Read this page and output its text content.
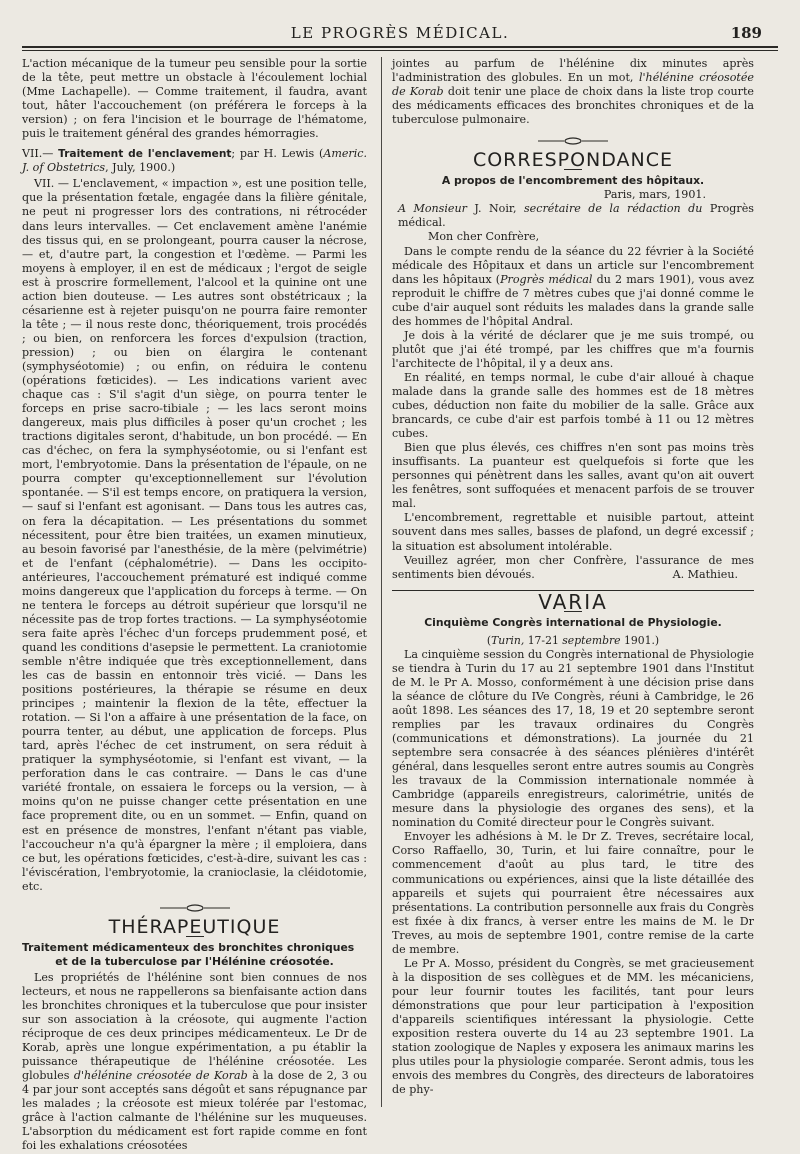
LE PROGRÈS MÉDICAL.	189

L'action mécanique de la tumeur peu sensible pour la sortie de la tête, peut mettre un obstacle à l'écoulement lochial (Mme Lachapelle). — Comme traitement, il faudra, avant tout, hâter l'accouchement (on préférera le forceps à la version) ; on fera l'incision et le bourrage de l'hématome, puis le traitement général des grandes hémorragies.

VII.— Traitement de l'enclavement; par H. Lewis (Americ. J. of Obstetrics, July, 1900.)

VII. — L'enclavement, « impaction », est une position telle, que la présentation fœtale, engagée dans la filière génitale, ne peut ni progresser lors des contrations, ni rétrocéder dans leurs intervalles. — Cet enclavement amène l'anémie des tissus qui, en se prolongeant, pourra causer la nécrose, — et, d'autre part, la congestion et l'œdème. — Parmi les moyens à employer, il en est de médicaux ; l'ergot de seigle est à proscrire formellement, l'alcool et la quinine ont une action bien douteuse. — Les autres sont obstétricaux ; la césarienne est à rejeter puisqu'on ne pourra faire remonter la tête ; — il nous reste donc, théoriquement, trois procédés ; ou bien, on renforcera les forces d'expulsion (traction, pression) ; ou bien on élargira le contenant (symphyséotomie) ; ou enfin, on réduira le contenu (opérations fœticides). — Les indications varient avec chaque cas : S'il s'agit d'un siège, on pourra tenter le forceps en prise sacro-tibiale ; — les lacs seront moins dangereux, mais plus difficiles à poser qu'un crochet ; les tractions digitales seront, d'habitude, un bon procédé. — En cas d'échec, on fera la symphyséotomie, ou si l'enfant est mort, l'embryotomie. Dans la présentation de l'épaule, on ne pourra compter qu'exceptionnellement sur l'évolution spontanée. — S'il est temps encore, on pratiquera la version, — sauf si l'enfant est agonisant. — Dans tous les autres cas, on fera la décapitation. — Les présentations du sommet nécessitent, pour être bien traitées, un examen minutieux, au besoin favorisé par l'anesthésie, de la mère (pelvimétrie) et de l'enfant (céphalométrie). — Dans les occipito-antérieures, l'accouchement prématuré est indiqué comme moins dangereux que l'application du forceps à terme. — On ne tentera le forceps au détroit supérieur que lorsqu'il ne nécessite pas de trop fortes tractions. — La symphyséotomie sera faite après l'échec d'un forceps prudemment posé, et quand les conditions d'asepsie le permettent. La craniotomie semble n'être indiquée que très exceptionnellement, dans les cas de bassin en entonnoir très vicié. — Dans les positions postérieures, la thérapie se résume en deux principes ; maintenir la flexion de la tête, effectuer la rotation. — Si l'on a affaire à une présentation de la face, on pourra tenter, au début, une application de forceps. Plus tard, après l'échec de cet instrument, on sera réduit à pratiquer la symphyséotomie, si l'enfant est vivant, — la perforation dans le cas contraire. — Dans le cas d'une variété frontale, on essaiera le forceps ou la version, — à moins qu'on ne puisse changer cette présentation en une face proprement dite, ou en un sommet. — Enfin, quand on est en présence de monstres, l'enfant n'étant pas viable, l'accoucheur n'a qu'à épargner la mère ; il emploiera, dans ce but, les opérations fœticides, c'est-à-dire, suivant les cas : l'éviscération, l'embryotomie, la cranioclasie, la cléidotomie, etc.

THÉRAPEUTIQUE
Traitement médicamenteux des bronchites chroniques
et de la tuberculose par l'Hélénine créosotée.

Les propriétés de l'hélénine sont bien connues de nos lecteurs, et nous ne rappellerons sa bienfaisante action dans les bronchites chroniques et la tuberculose que pour insister sur son association à la créosote, qui augmente l'action réciproque de ces deux principes médicamenteux. Le Dr de Korab, après une longue expérimentation, a pu établir la puissance thérapeutique de l'hélénine créosotée. Les globules d'hélénine créosotée de Korab à la dose de 2, 3 ou 4 par jour sont acceptés sans dégoût et sans répugnance par les malades ; la créosote est mieux tolérée par l'estomac, grâce à l'action calmante de l'hélénine sur les muqueuses. L'absorption du médicament est fort rapide comme en font foi les exhalations créosotées

jointes au parfum de l'hélénine dix minutes après l'administration des globules. En un mot, l'hélénine créosotée de Korab doit tenir une place de choix dans la liste trop courte des médicaments efficaces des bronchites chroniques et de la tuberculose pulmonaire.

CORRESPONDANCE

A propos de l'encombrement des hôpitaux.

Paris, mars, 1901.

A Monsieur J. Noir, secrétaire de la rédaction du Progrès médical.

Mon cher Confrère,

Dans le compte rendu de la séance du 22 février à la Société médicale des Hôpitaux et dans un article sur l'encombrement dans les hôpitaux (Progrès médical du 2 mars 1901), vous avez reproduit le chiffre de 7 mètres cubes que j'ai donné comme le cube d'air auquel sont réduits les malades dans la grande salle des hommes de l'hôpital Andral.

Je dois à la vérité de déclarer que je me suis trompé, ou plutôt que j'ai été trompé, par les chiffres que m'a fournis l'architecte de l'hôpital, il y a deux ans.

En réalité, en temps normal, le cube d'air alloué à chaque malade dans la grande salle des hommes est de 18 mètres cubes, déduction non faite du mobilier de la salle. Grâce aux brancards, ce cube d'air est parfois tombé à 11 ou 12 mètres cubes.

Bien que plus élevés, ces chiffres n'en sont pas moins très insuffisants. La puanteur est quelquefois si forte que les personnes qui pénètrent dans les salles, avant qu'on ait ouvert les fenêtres, sont suffoquées et menacent parfois de se trouver mal.

L'encombrement, regrettable et nuisible partout, atteint souvent dans mes salles, basses de plafond, un degré excessif ; la situation est absolument intolérable.

Veuillez agréer, mon cher Confrère, l'assurance de mes sentiments bien dévoués.	A. Mathieu.

VARIA

Cinquième Congrès international de Physiologie.

(Turin, 17-21 septembre 1901.)

La cinquième session du Congrès international de Physiologie se tiendra à Turin du 17 au 21 septembre 1901 dans l'Institut de M. le Pr A. Mosso, conformément à une décision prise dans la séance de clôture du IVe Congrès, réuni à Cambridge, le 26 août 1898. Les séances des 17, 18, 19 et 20 septembre seront remplies par les travaux ordinaires du Congrès (communications et démonstrations). La journée du 21 septembre sera consacrée à des séances plénières d'intérêt général, dans lesquelles seront entre autres soumis au Congrès les travaux de la Commission internationale nommée à Cambridge (appareils enregistreurs, calorimétrie, unités de mesure dans la physiologie des organes des sens), et la nomination du Comité directeur pour le Congrès suivant.

Envoyer les adhésions à M. le Dr Z. Treves, secrétaire local, Corso Raffaello, 30, Turin, et lui faire connaître, pour le commencement d'août au plus tard, le titre des communications ou expériences, ainsi que la liste détaillée des appareils et sujets qui pourraient être nécessaires aux présentations. La contribution personnelle aux frais du Congrès est fixée à dix francs, à verser entre les mains de M. le Dr Treves, au mois de septembre 1901, contre remise de la carte de membre.

Le Pr A. Mosso, président du Congrès, se met gracieusement à la disposition de ses collègues et de MM. les mécaniciens, pour leur fournir toutes les facilités, tant pour leurs démonstrations que pour leur participation à l'exposition d'appareils scientifiques intéressant la physiologie. Cette exposition restera ouverte du 14 au 23 septembre 1901. La station zoologique de Naples y exposera les animaux marins les plus utiles pour la physiologie comparée. Seront admis, tous les envois des membres du Congrès, des directeurs de laboratoires de phy-
